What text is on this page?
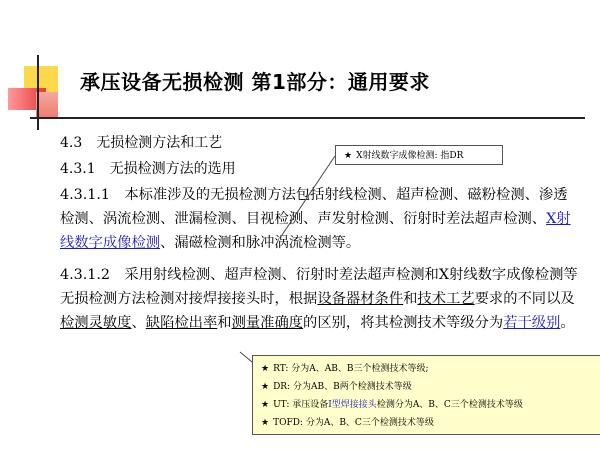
承压设备无损检测 第1部分：通用要求
4.3　无损检测方法和工艺
4.3.1　无损检测方法的选用
4.3.1.1　本标准涉及的无损检测方法包括射线检测、超声检测、磁粉检测、渗透检测、涡流检测、泄漏检测、目视检测、声发射检测、衍射时差法超声检测、X射线数字成像检测、漏磁检测和脉冲涡流检测等。
4.3.1.2　采用射线检测、超声检测、衍射时差法超声检测和X射线数字成像检测等无损检测方法检测对接焊接接头时，根据设备器材条件和技术工艺要求的不同以及检测灵敏度、缺陷检出率和测量准确度的区别，将其检测技术等级分为若干级别。
★ X射线数字成像检测: 指DR
★ RT: 分为A、AB、B三个检测技术等级;
★ DR: 分为AB、B两个检测技术等级
★ UT: 承压设备I型焊接接头检测分为A、B、C三个检测技术等级
★ TOFD: 分为A、B、C三个检测技术等级
